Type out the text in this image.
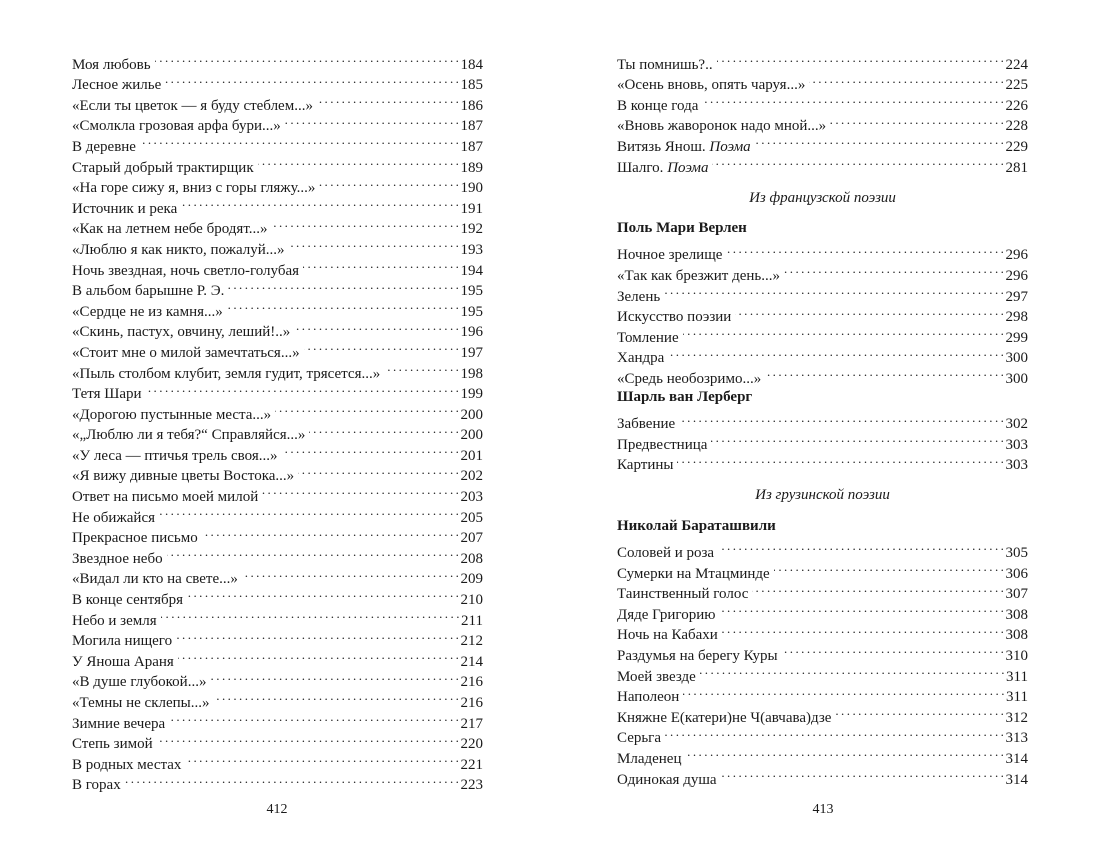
Моя любовь . . .	184
Лесное жилье . . .	185
«Если ты цветок — я буду стеблем...» . . .	186
«Смолкла грозовая арфа бури...» . . .	187
В деревне . . .	187
Старый добрый трактирщик . . .	189
«На горе сижу я, вниз с горы гляжу...» . . .	190
Источник и река . . .	191
«Как на летнем небе бродят...» . . .	192
«Люблю я как никто, пожалуй...» . . .	193
Ночь звездная, ночь светло-голубая . . .	194
В альбом барышне Р. Э. . . .	195
«Сердце не из камня...» . . .	195
«Скинь, пастух, овчину, леший!..» . . .	196
«Стоит мне о милой замечтаться...» . . .	197
«Пыль столбом клубит, земля гудит, трясется...» . . .	198
Тетя Шари . . .	199
«Дорогою пустынные места...» . . .	200
«„Люблю ли я тебя?“ Справляйся...» . . .	200
«У леса — птичья трель своя...» . . .	201
«Я вижу дивные цветы Востока...» . . .	202
Ответ на письмо моей милой . . .	203
Не обижайся . . .	205
Прекрасное письмо . . .	207
Звездное небо . . .	208
«Видал ли кто на свете...» . . .	209
В конце сентября . . .	210
Небо и земля . . .	211
Могила нищего . . .	212
У Яноша Араня . . .	214
«В душе глубокой...» . . .	216
«Темны не склепы...» . . .	216
Зимние вечера . . .	217
Степь зимой . . .	220
В родных местах . . .	221
В горах . . .	223
412
Ты помнишь?.. . . .	224
«Осень вновь, опять чаруя...» . . .	225
В конце года . . .	226
«Вновь жаворонок надо мной...» . . .	228
Витязь Янош. Поэма . . .	229
Шалго. Поэма . . .	281
Из французской поэзии
Поль Мари Верлен
Ночное зрелище . . .	296
«Так как брезжит день...» . . .	296
Зелень . . .	297
Искусство поэзии . . .	298
Томление . . .	299
Хандра . . .	300
«Средь необозримо...» . . .	300
Шарль ван Лерберг
Забвение . . .	302
Предвестница . . .	303
Картины . . .	303
Из грузинской поэзии
Николай Бараташвили
Соловей и роза . . .	305
Сумерки на Мтацминде . . .	306
Таинственный голос . . .	307
Дяде Григорию . . .	308
Ночь на Кабахи . . .	308
Раздумья на берегу Куры . . .	310
Моей звезде . . .	311
Наполеон . . .	311
Княжне Е(катери)не Ч(авчава)дзе . . .	312
Серьга . . .	313
Младенец . . .	314
Одинокая душа . . .	314
413
